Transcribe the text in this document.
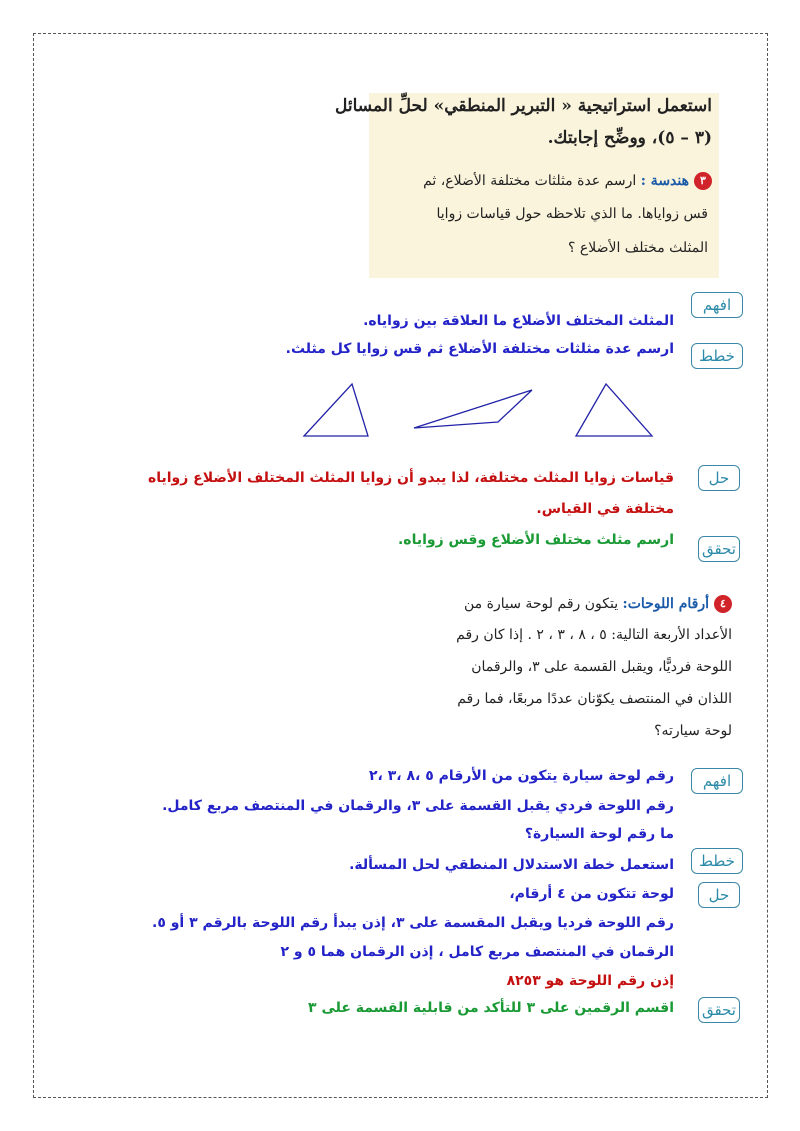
استعمل استراتيجية « التبرير المنطقي» لحلِّ المسائل
(٣ – ٥)، ووضِّح إجابتك.
٣هندسة : ارسم عدة مثلثات مختلفة الأضلاع، ثم
قس زواياها. ما الذي تلاحظه حول قياسات زوايا
المثلث مختلف الأضلاع ؟
افهم
المثلث المختلف الأضلاع ما العلاقة بين زواياه.
خطط
ارسم عدة مثلثات مختلفة الأضلاع ثم قس زوايا كل مثلث.
حل
قياسات زوايا المثلث مختلفة، لذا يبدو أن زوايا المثلث المختلف الأضلاع زواياه
مختلفة في القياس.
تحقق
ارسم مثلث مختلف الأضلاع وقس زواياه.
٤أرقام اللوحات: يتكون رقم لوحة سيارة من
الأعداد الأربعة التالية: ٥ ، ٨ ، ٣ ، ٢ . إذا كان رقم
اللوحة فرديًّا، ويقبل القسمة على ٣، والرقمان
اللذان في المنتصف يكوّنان عددًا مربعًا، فما رقم
لوحة سيارته؟
افهم
رقم لوحة سيارة يتكون من الأرقام ٥ ،٨ ،٣ ،٢
رقم اللوحة فردي يقبل القسمة على ٣، والرقمان في المنتصف مربع كامل.
ما رقم لوحة السيارة؟
خطط
استعمل خطة الاستدلال المنطقي لحل المسألة.
حل
لوحة تتكون من ٤ أرقام،
رقم اللوحة فرديا ويقبل المقسمة على ٣، إذن يبدأ رقم اللوحة بالرقم ٣ أو ٥.
الرقمان في المنتصف مربع كامل ، إذن الرقمان هما ٥ و ٢
إذن رقم اللوحة هو ٨٢٥٣
تحقق
اقسم الرقمين على ٣ للتأكد من قابلية القسمة على ٣
